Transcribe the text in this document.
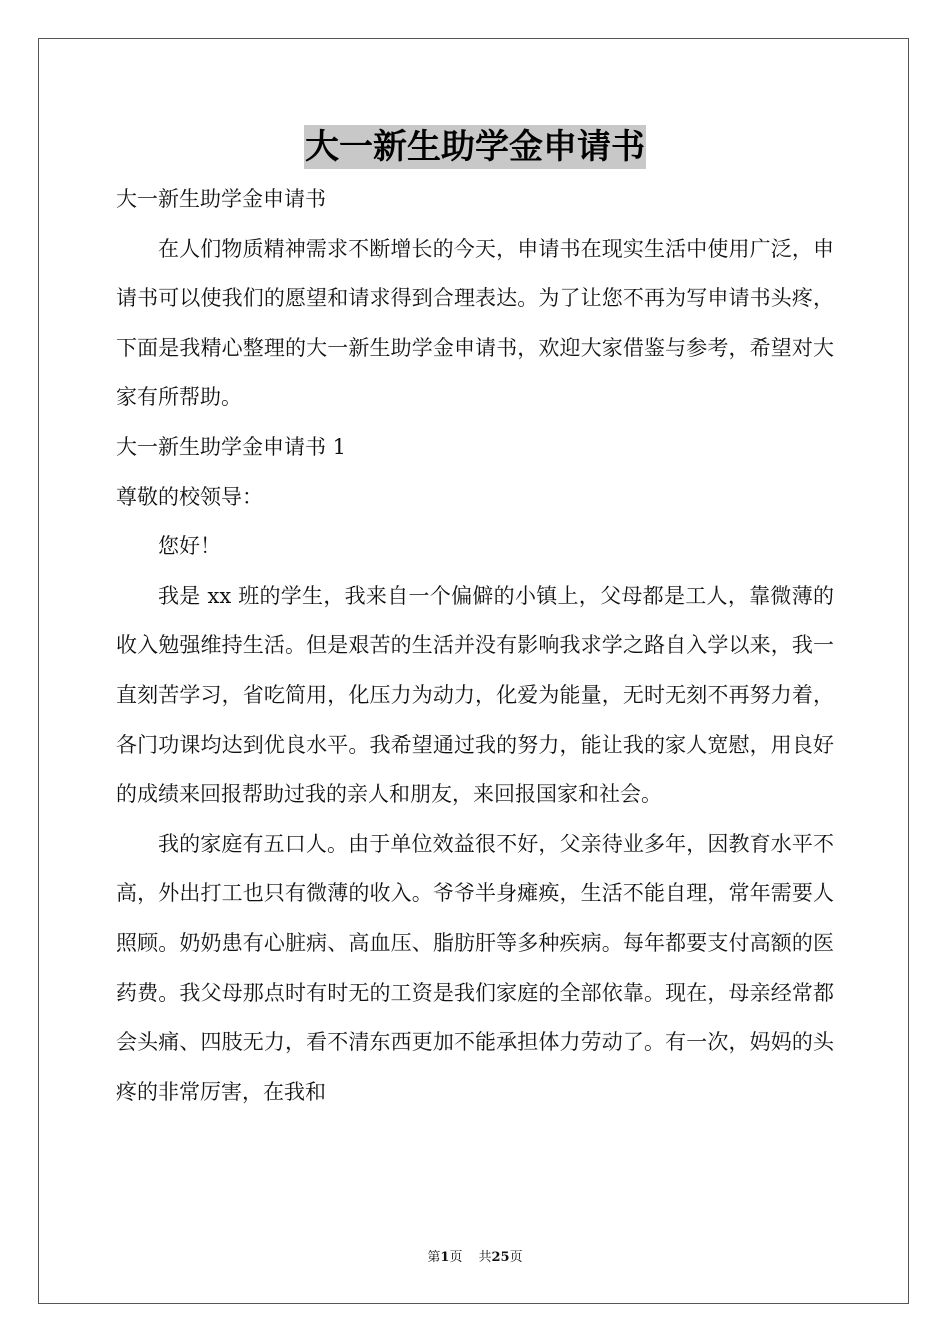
大一新生助学金申请书

大一新生助学金申请书

在人们物质精神需求不断增长的今天，申请书在现实生活中使用广泛，申请书可以使我们的愿望和请求得到合理表达。为了让您不再为写申请书头疼，下面是我精心整理的大一新生助学金申请书，欢迎大家借鉴与参考，希望对大家有所帮助。

大一新生助学金申请书 1

尊敬的校领导：

您好！

我是 xx 班的学生，我来自一个偏僻的小镇上，父母都是工人，靠微薄的收入勉强维持生活。但是艰苦的生活并没有影响我求学之路自入学以来，我一直刻苦学习，省吃简用，化压力为动力，化爱为能量，无时无刻不再努力着，各门功课均达到优良水平。我希望通过我的努力，能让我的家人宽慰，用良好的成绩来回报帮助过我的亲人和朋友，来回报国家和社会。

我的家庭有五口人。由于单位效益很不好，父亲待业多年，因教育水平不高，外出打工也只有微薄的收入。爷爷半身瘫痪，生活不能自理，常年需要人照顾。奶奶患有心脏病、高血压、脂肪肝等多种疾病。每年都要支付高额的医药费。我父母那点时有时无的工资是我们家庭的全部依靠。现在，母亲经常都会头痛、四肢无力，看不清东西更加不能承担体力劳动了。有一次，妈妈的头疼的非常厉害，在我和

第1页 共25页
